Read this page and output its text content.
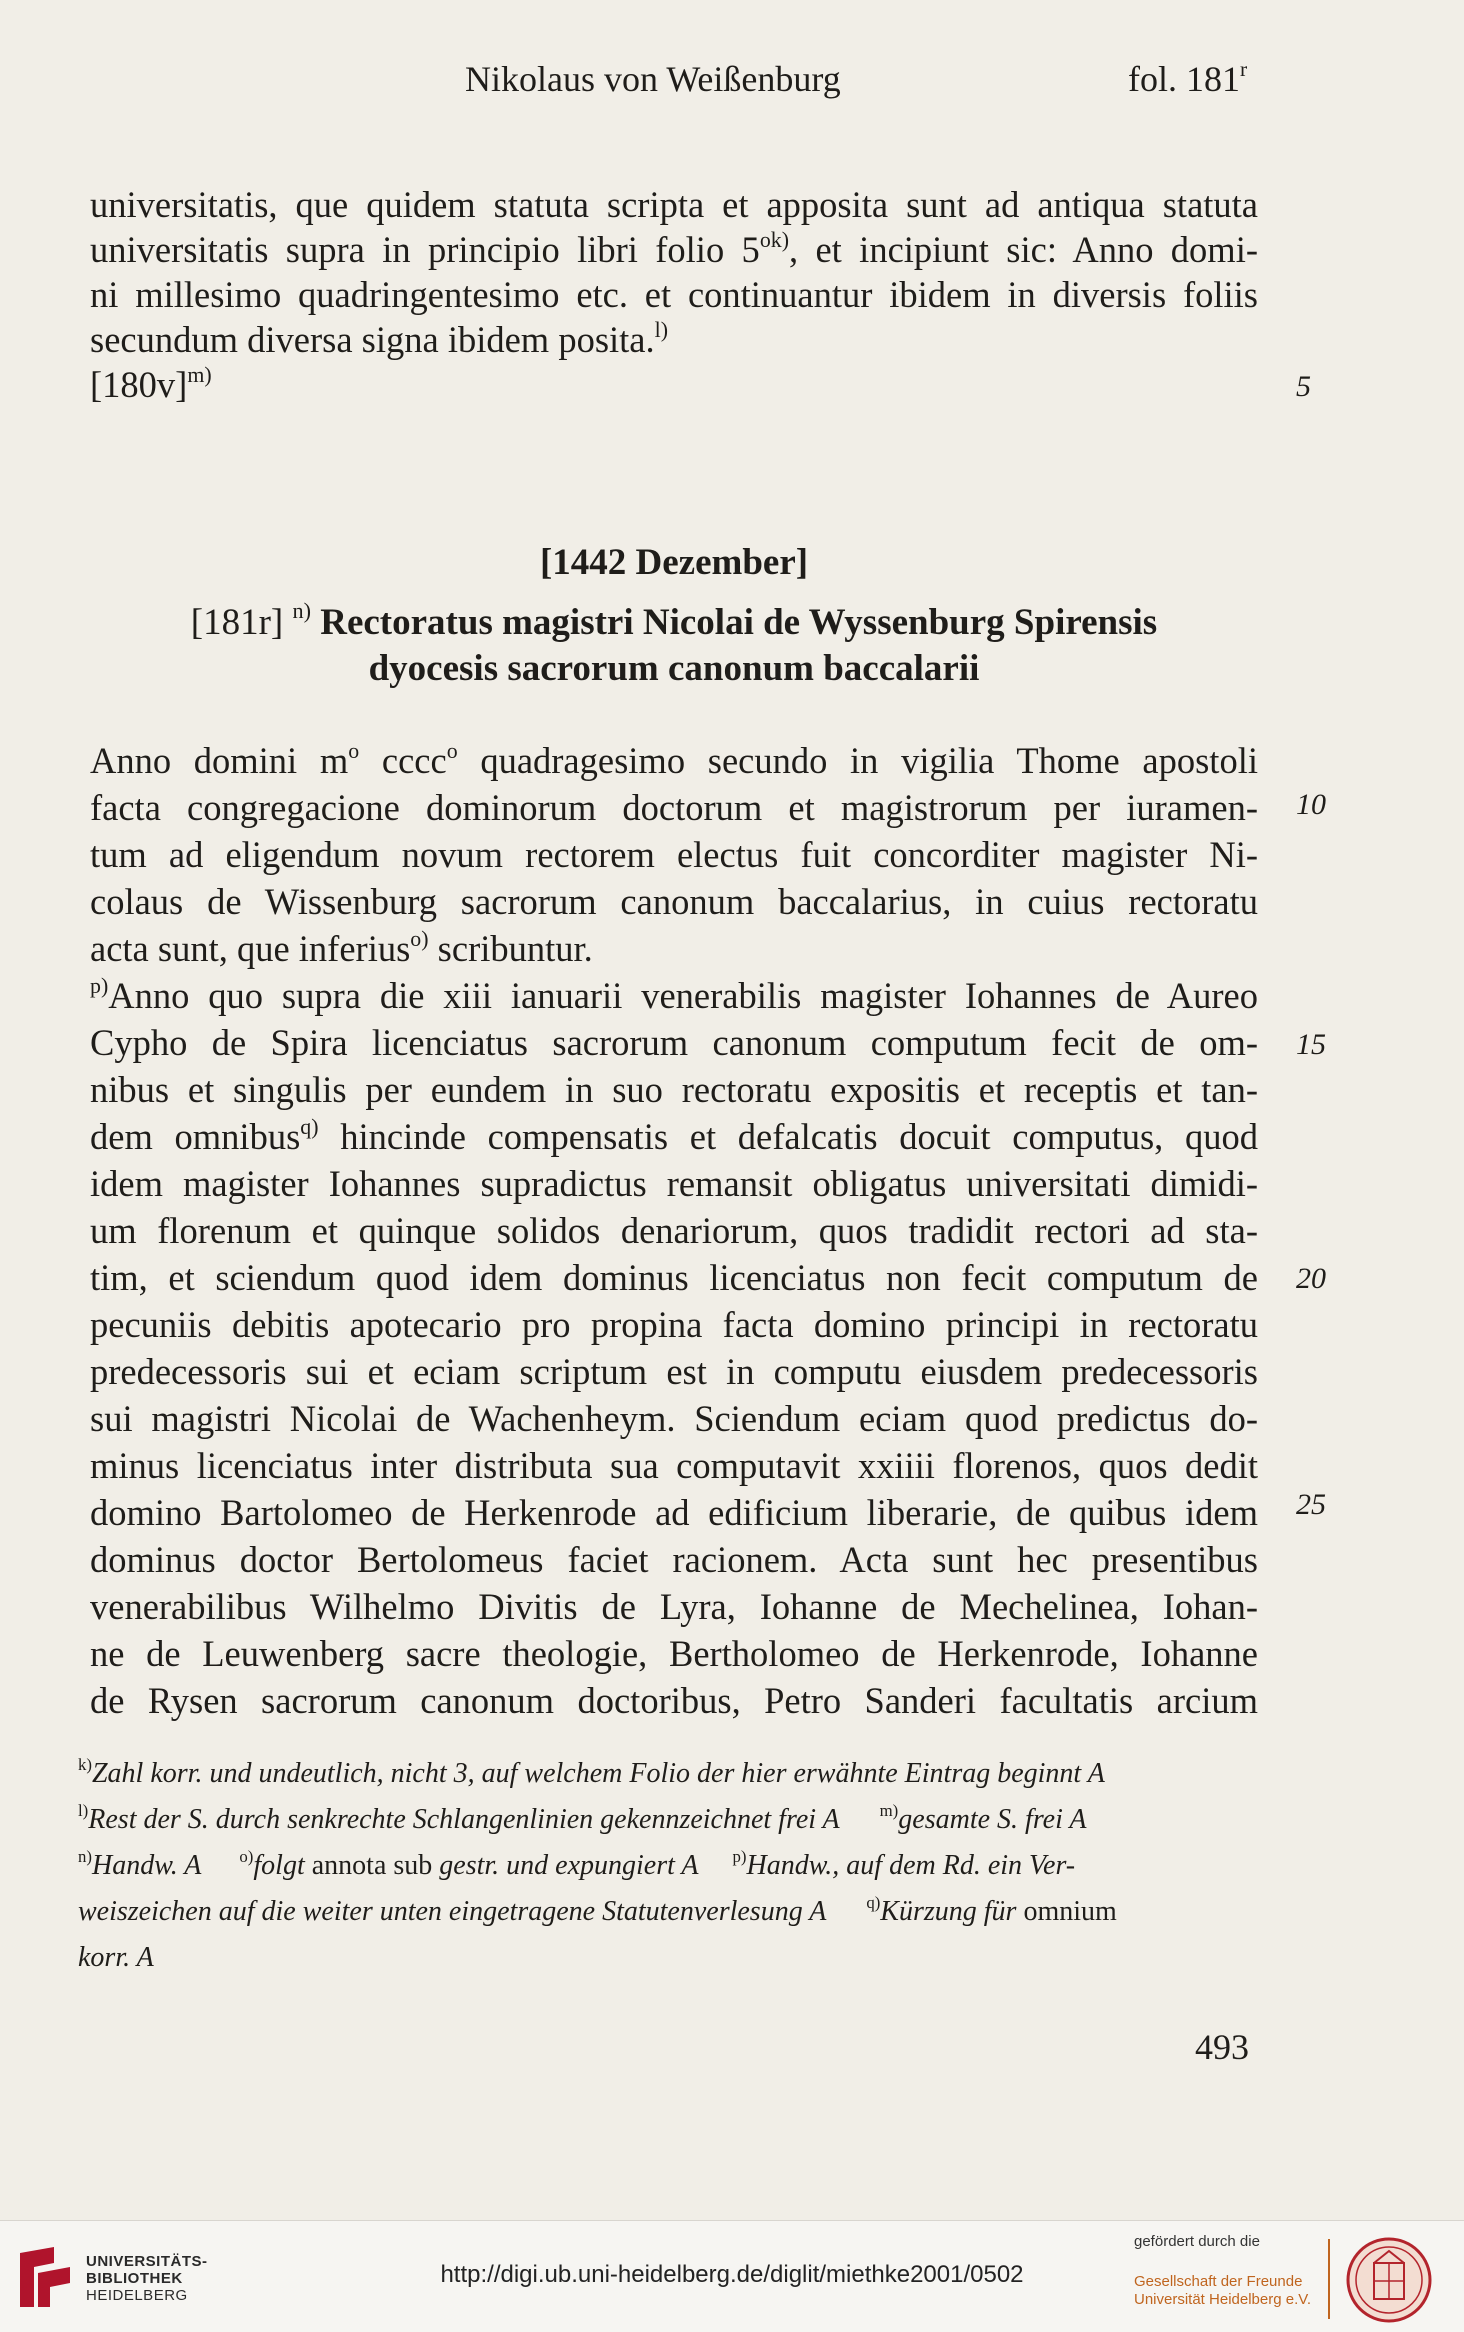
Nikolaus von Weißenburg	fol. 181$^r$
universitatis, que quidem statuta scripta et apposita sunt ad antiqua statuta
universitatis supra in principio libri folio $5^{ok)}$, et incipiunt sic: Anno domi-
ni millesimo quadringentesimo etc. et continuantur ibidem in diversis foliis
secundum diversa signa ibidem posita.$^{l)}$
$[180v]^{m)}$
[1442 Dezember]
[181r] $^{n)}$ Rectoratus magistri Nicolai de Wyssenburg Spirensis
dyocesis sacrorum canonum baccalarii
Anno domini $m^o$ cccc$^o$ quadragesimo secundo in vigilia Thome apostoli
facta congregacione dominorum doctorum et magistrorum per iuramen-
tum ad eligendum novum rectorem electus fuit concorditer magister Ni-
colaus de Wissenburg sacrorum canonum baccalarius, in cuius rectoratu
acta sunt, que inferius$^{o)}$ scribuntur.
$^{p)}$Anno quo supra die xiii ianuarii venerabilis magister Iohannes de Aureo
Cypho de Spira licenciatus sacrorum canonum computum fecit de om-
nibus et singulis per eundem in suo rectoratu expositis et receptis et tan-
dem omnibus$^{q)}$ hincinde compensatis et defalcatis docuit computus, quod
idem magister Iohannes supradictus remansit obligatus universitati dimidi-
um florenum et quinque solidos denariorum, quos tradidit rectori ad sta-
tim, et sciendum quod idem dominus licenciatus non fecit computum de
pecuniis debitis apotecario pro propina facta domino principi in rectoratu
predecessoris sui et eciam scriptum est in computu eiusdem predecessoris
sui magistri Nicolai de Wachenheym. Sciendum eciam quod predictus do-
minus licenciatus inter distributa sua computavit xxiiii florenos, quos dedit
domino Bartolomeo de Herkenrode ad edificium liberarie, de quibus idem
dominus doctor Bertolomeus faciet racionem. Acta sunt hec presentibus
venerabilibus Wilhelmo Divitis de Lyra, Iohanne de Mechelinea, Iohan-
ne de Leuwenberg sacre theologie, Bertholomeo de Herkenrode, Iohanne
de Rysen sacrorum canonum doctoribus, Petro Sanderi facultatis arcium
5
10
15
20
25
$^{k)}$Zahl korr. und undeutlich, nicht 3, auf welchem Folio der hier erwähnte Eintrag beginnt A
$^{l)}$Rest der S. durch senkrechte Schlangenlinien gekennzeichnet frei A $^{m)}$gesamte S. frei A
$^{n)}$Handw. A $^{o)}$folgt annota sub gestr. und expungiert A $^{p)}$Handw., auf dem Rd. ein Ver-
weiszeichen auf die weiter unten eingetragene Statutenverlesung A $^{q)}$Kürzung für omnium
korr. A
493
UNIVERSITÄTS-
BIBLIOTHEK
HEIDELBERG
http://digi.ub.uni-heidelberg.de/diglit/miethke2001/0502
gefördert durch die
Gesellschaft der Freunde
Universität Heidelberg e.V.
